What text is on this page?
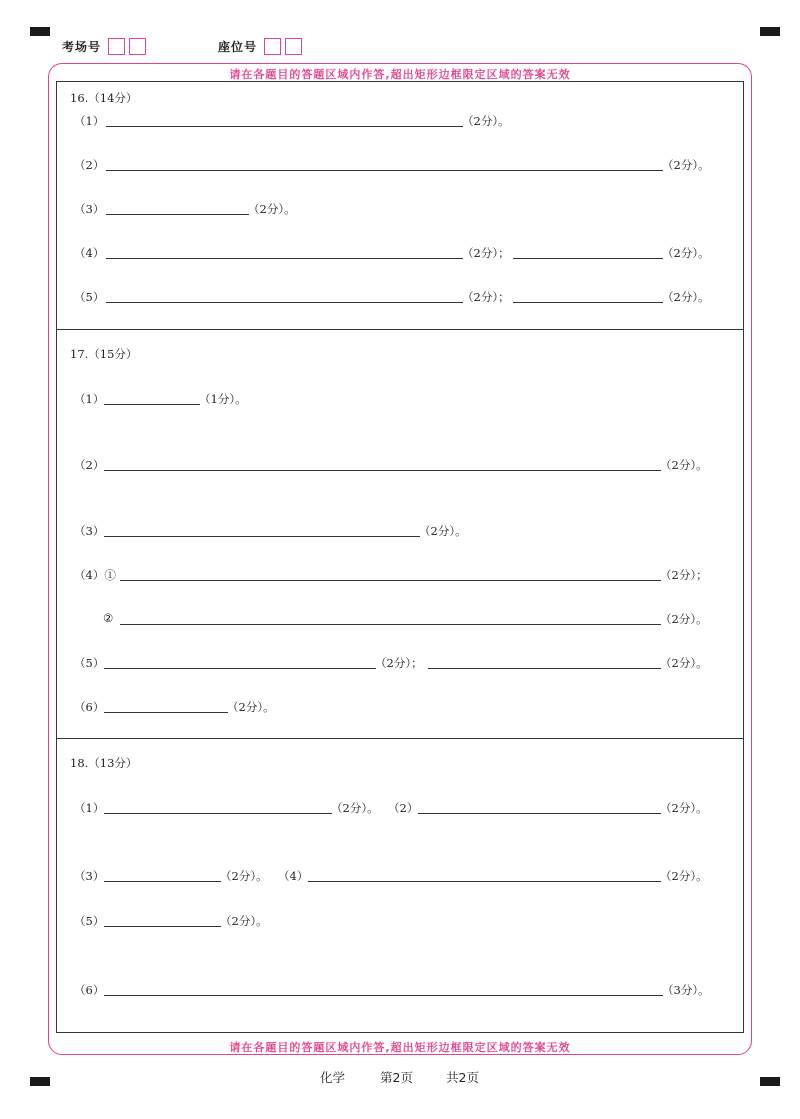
考场号	座位号
请在各题目的答题区域内作答,超出矩形边框限定区域的答案无效
请在各题目的答题区域内作答,超出矩形边框限定区域的答案无效
16.（14分）
（1）	（2分）。
（2）	（2分）。
（3）	（2分）。
（4）	（2分）；	（2分）。
（5）	（2分）；	（2分）。
17.（15分）
（1）	（1分）。
（2）	（2分）。
（3）	（2分）。
（4）①	（2分）；
②	（2分）。
（5）	（2分）；	（2分）。
（6）	（2分）。
18.（13分）
（1）	（2分）。 （2）	（2分）。
（3）	（2分）。 （4）	（2分）。
（5）	（2分）。
（6）	（3分）。
化学	第2页	共2页
